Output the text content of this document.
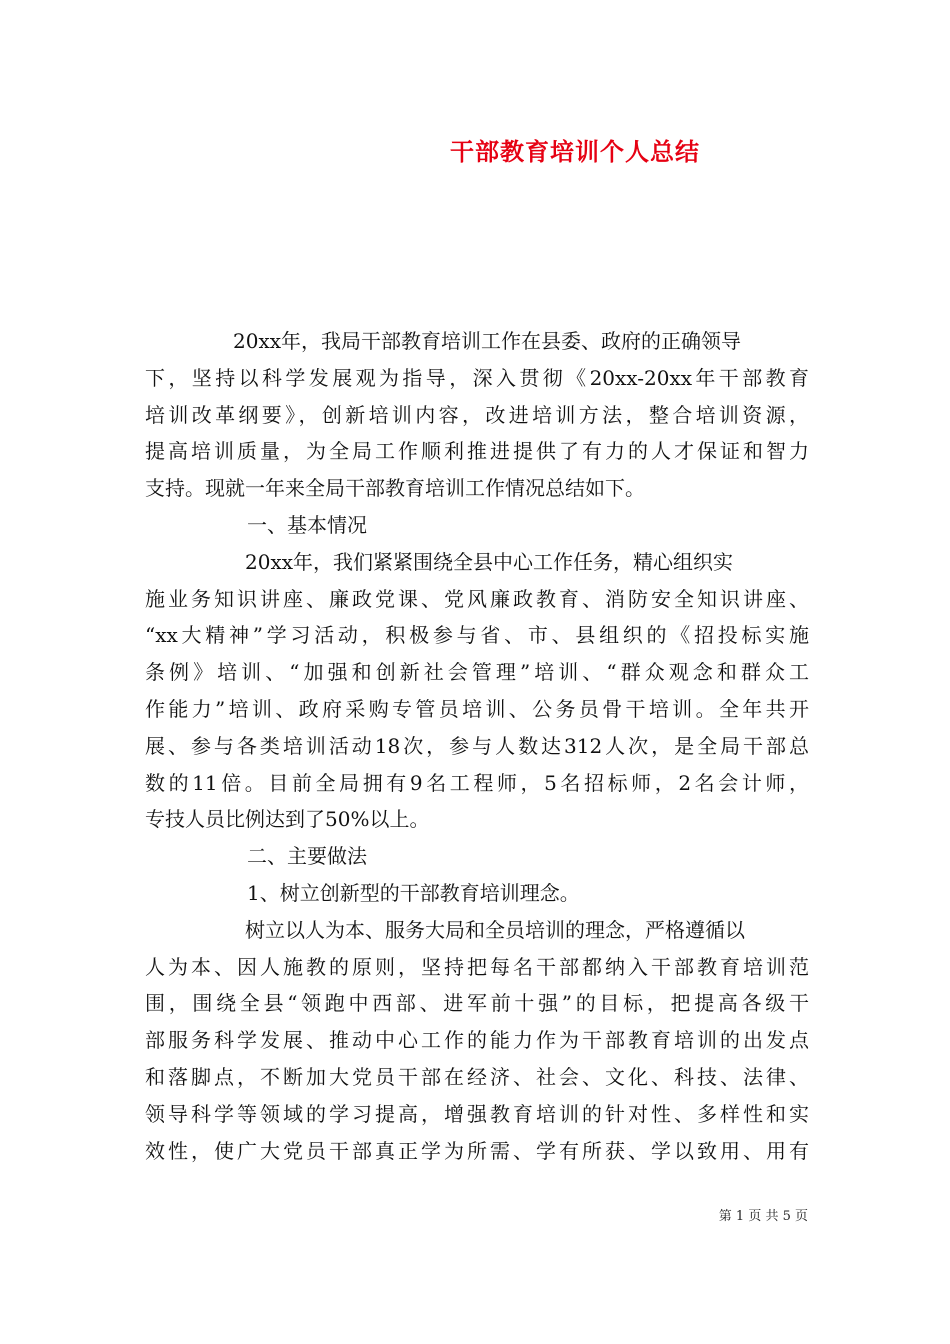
干部教育培训个人总结
20xx年，我局干部教育培训工作在县委、政府的正确领导
下，坚持以科学发展观为指导，深入贯彻《20xx-20xx年干部教育
培训改革纲要》，创新培训内容，改进培训方法，整合培训资源，
提高培训质量，为全局工作顺利推进提供了有力的人才保证和智力
支持。现就一年来全局干部教育培训工作情况总结如下。
一、基本情况
20xx年，我们紧紧围绕全县中心工作任务，精心组织实
施业务知识讲座、廉政党课、党风廉政教育、消防安全知识讲座、
“xx大精神”学习活动，积极参与省、市、县组织的《招投标实施
条例》培训、“加强和创新社会管理”培训、“群众观念和群众工
作能力”培训、政府采购专管员培训、公务员骨干培训。全年共开
展、参与各类培训活动18次，参与人数达312人次，是全局干部总
数的11倍。目前全局拥有9名工程师，5名招标师，2名会计师，
专技人员比例达到了50%以上。
二、主要做法
1、树立创新型的干部教育培训理念。
树立以人为本、服务大局和全员培训的理念，严格遵循以
人为本、因人施教的原则，坚持把每名干部都纳入干部教育培训范
围，围绕全县“领跑中西部、进军前十强”的目标，把提高各级干
部服务科学发展、推动中心工作的能力作为干部教育培训的出发点
和落脚点，不断加大党员干部在经济、社会、文化、科技、法律、
领导科学等领域的学习提高，增强教育培训的针对性、多样性和实
效性，使广大党员干部真正学为所需、学有所获、学以致用、用有
第 1 页 共 5 页
